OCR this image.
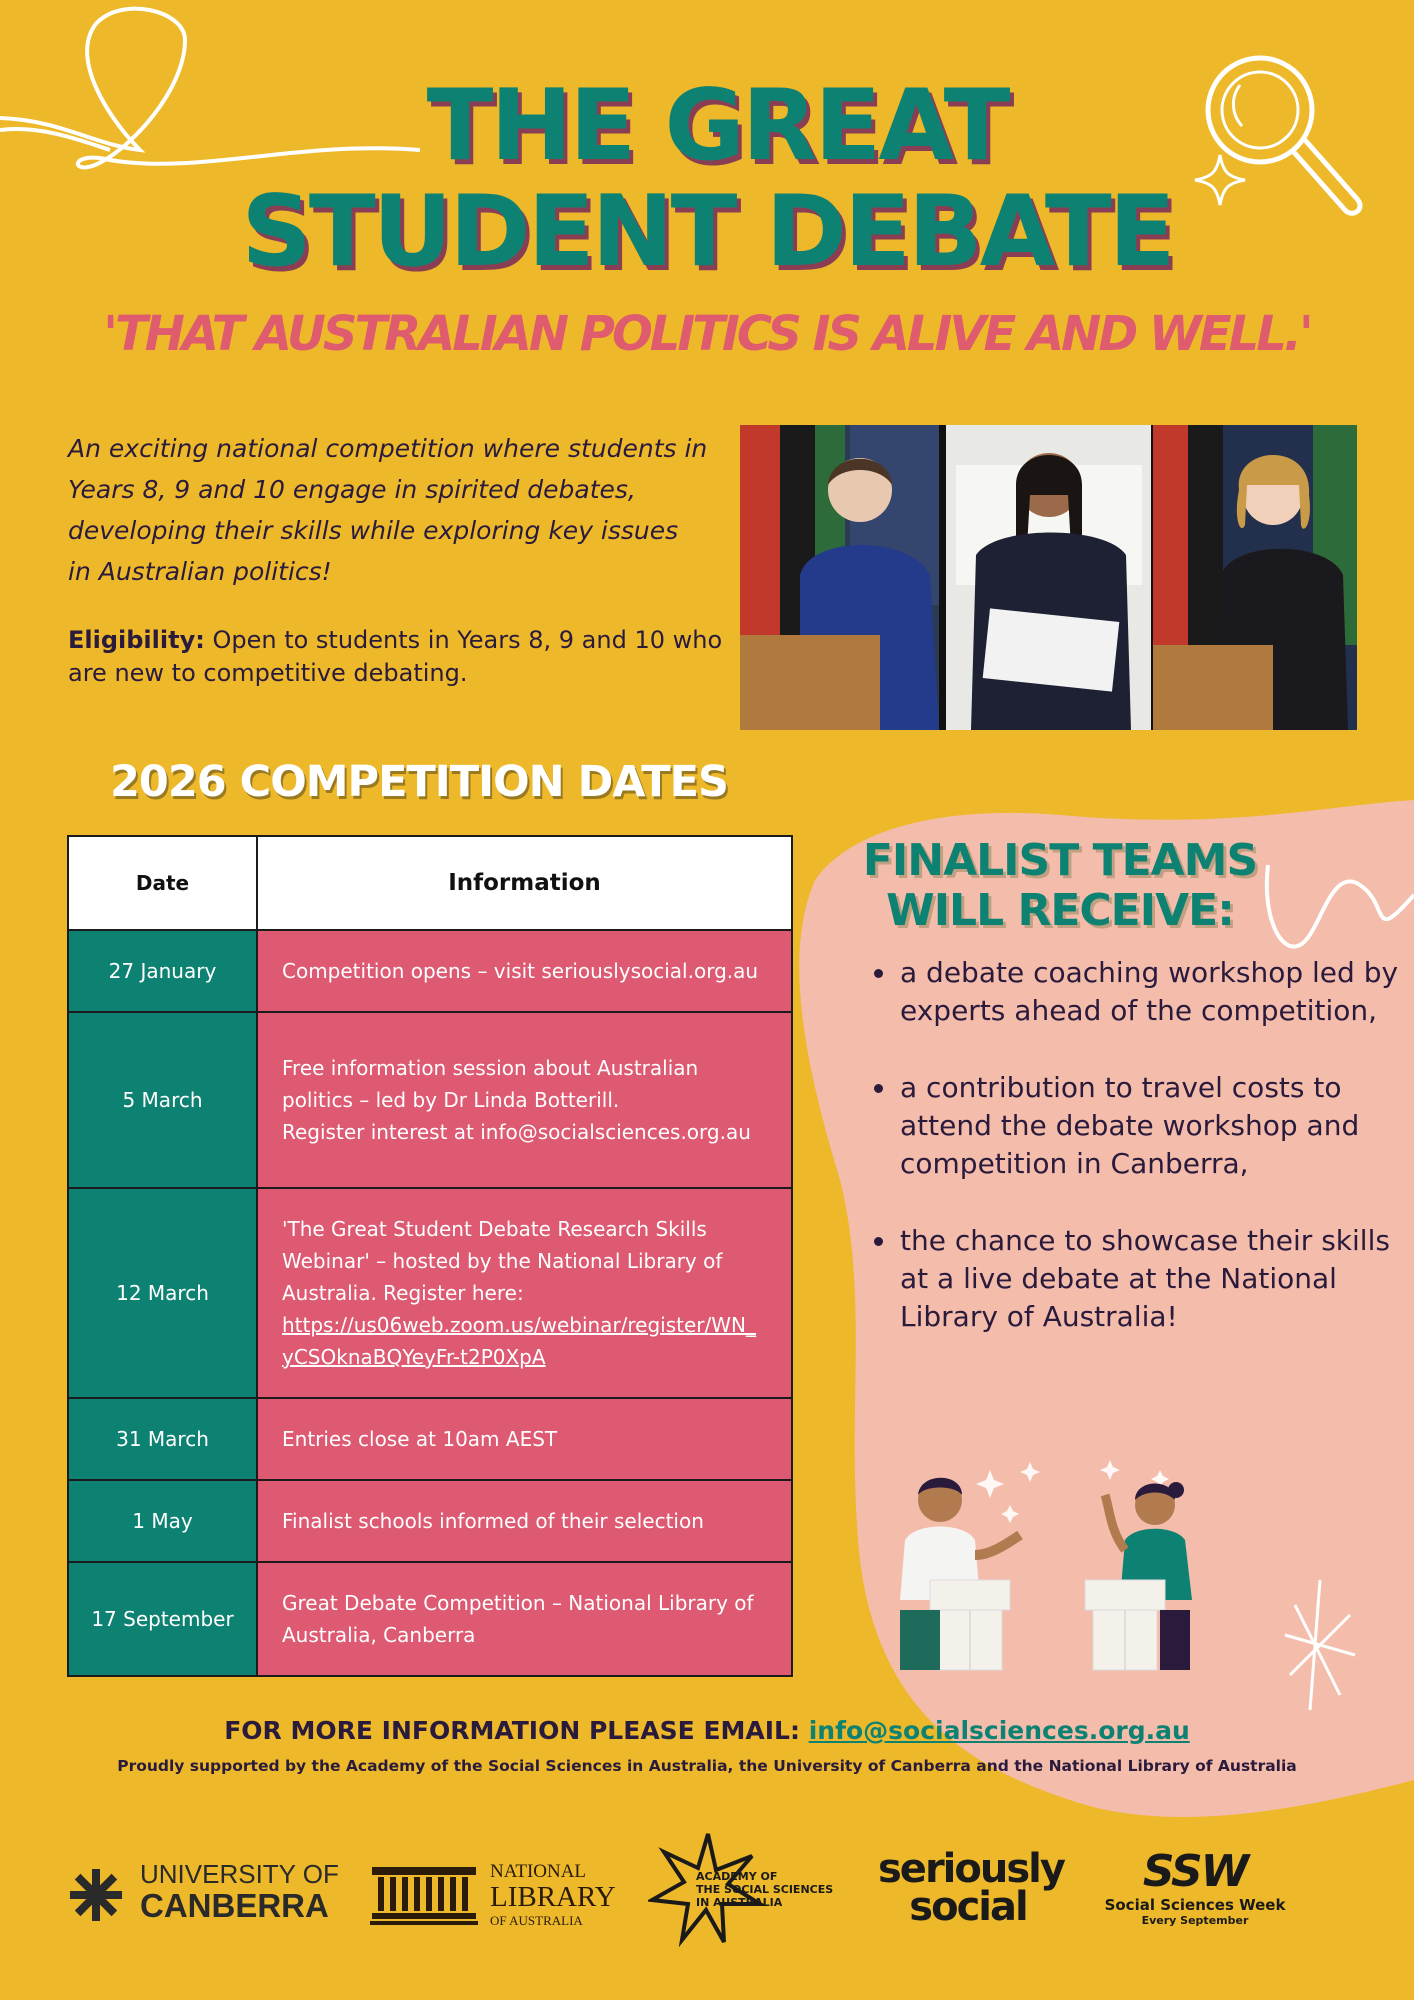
THE GREAT
STUDENT DEBATE
'THAT AUSTRALIAN POLITICS IS ALIVE AND WELL.'
An exciting national competition where students in Years 8, 9 and 10 engage in spirited debates, developing their skills while exploring key issues in Australian politics!
Eligibility: Open to students in Years 8, 9 and 10 who are new to competitive debating.
2026 COMPETITION DATES
Date	Information
27 January	Competition opens – visit seriouslysocial.org.au
5 March	Free information session about Australian politics – led by Dr Linda Botterill.
Register interest at info@socialsciences.org.au

12 March	'The Great Student Debate Research Skills Webinar' – hosted by the National Library of Australia. Register here:
https://us06web.zoom.us/webinar/register/WN_yCSOknaBQYeyFr-t2P0XpA
31 March	Entries close at 10am AEST
1 May	Finalist schools informed of their selection
17 September	Great Debate Competition – National Library of Australia, Canberra
FINALIST TEAMS
WILL RECEIVE:
a debate coaching workshop led by experts ahead of the competition,
a contribution to travel costs to attend the debate workshop and competition in Canberra,
the chance to showcase their skills at a live debate at the National Library of Australia!
FOR MORE INFORMATION PLEASE EMAIL: info@socialsciences.org.au
Proudly supported by the Academy of the Social Sciences in Australia, the University of Canberra and the National Library of Australia
UNIVERSITY OF
CANBERRA
NATIONAL
LIBRARY
OF AUSTRALIA
ACADEMY OF
THE SOCIAL SCIENCES
IN AUSTRALIA
seriously
social
SSW
Social Sciences Week
Every September
